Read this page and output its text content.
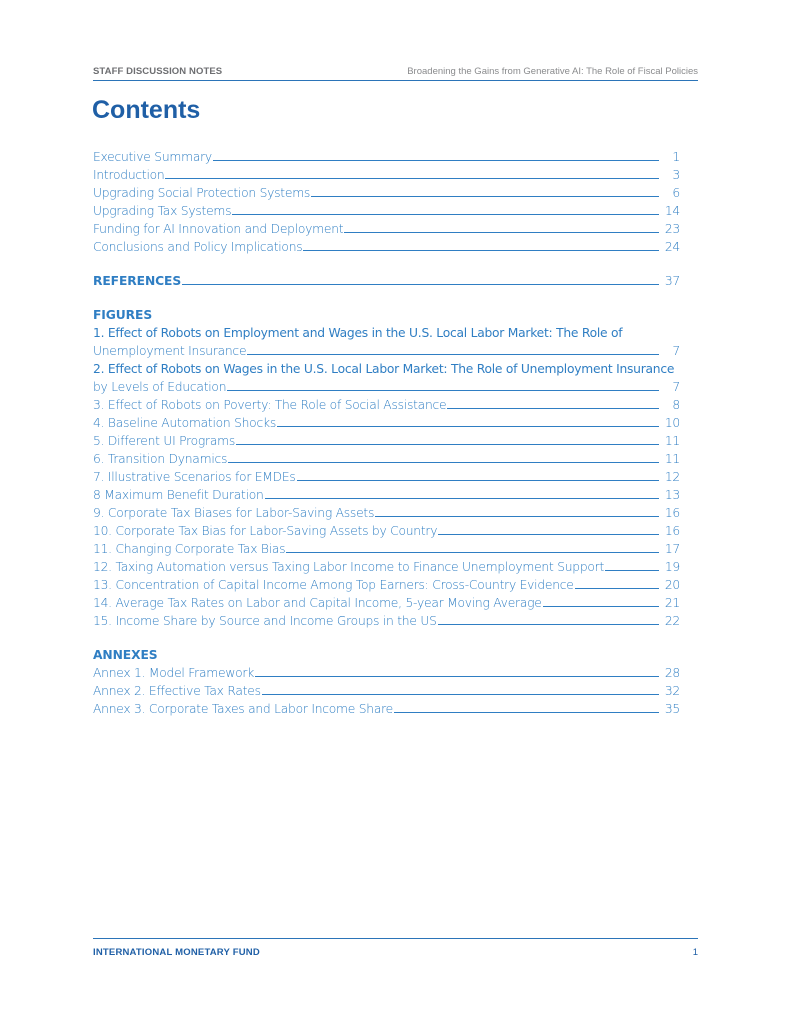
STAFF DISCUSSION NOTES	Broadening the Gains from Generative AI: The Role of Fiscal Policies
Contents
Executive Summary	1
Introduction	3
Upgrading Social Protection Systems	6
Upgrading Tax Systems	14
Funding for AI Innovation and Deployment	23
Conclusions and Policy Implications	24
REFERENCES	37
FIGURES
1. Effect of Robots on Employment and Wages in the U.S. Local Labor Market: The Role of
Unemployment Insurance	7
2. Effect of Robots on Wages in the U.S. Local Labor Market: The Role of Unemployment Insurance
by Levels of Education	7
3. Effect of Robots on Poverty: The Role of Social Assistance	8
4. Baseline Automation Shocks	10
5. Different UI Programs	11
6. Transition Dynamics	11
7. Illustrative Scenarios for EMDEs	12
8 Maximum Benefit Duration	13
9. Corporate Tax Biases for Labor-Saving Assets	16
10. Corporate Tax Bias for Labor-Saving Assets by Country	16
11. Changing Corporate Tax Bias	17
12. Taxing Automation versus Taxing Labor Income to Finance Unemployment Support	19
13. Concentration of Capital Income Among Top Earners: Cross-Country Evidence	20
14. Average Tax Rates on Labor and Capital Income, 5-year Moving Average	21
15. Income Share by Source and Income Groups in the US	22
ANNEXES
Annex 1. Model Framework	28
Annex 2. Effective Tax Rates	32
Annex 3. Corporate Taxes and Labor Income Share	35
INTERNATIONAL MONETARY FUND	1
